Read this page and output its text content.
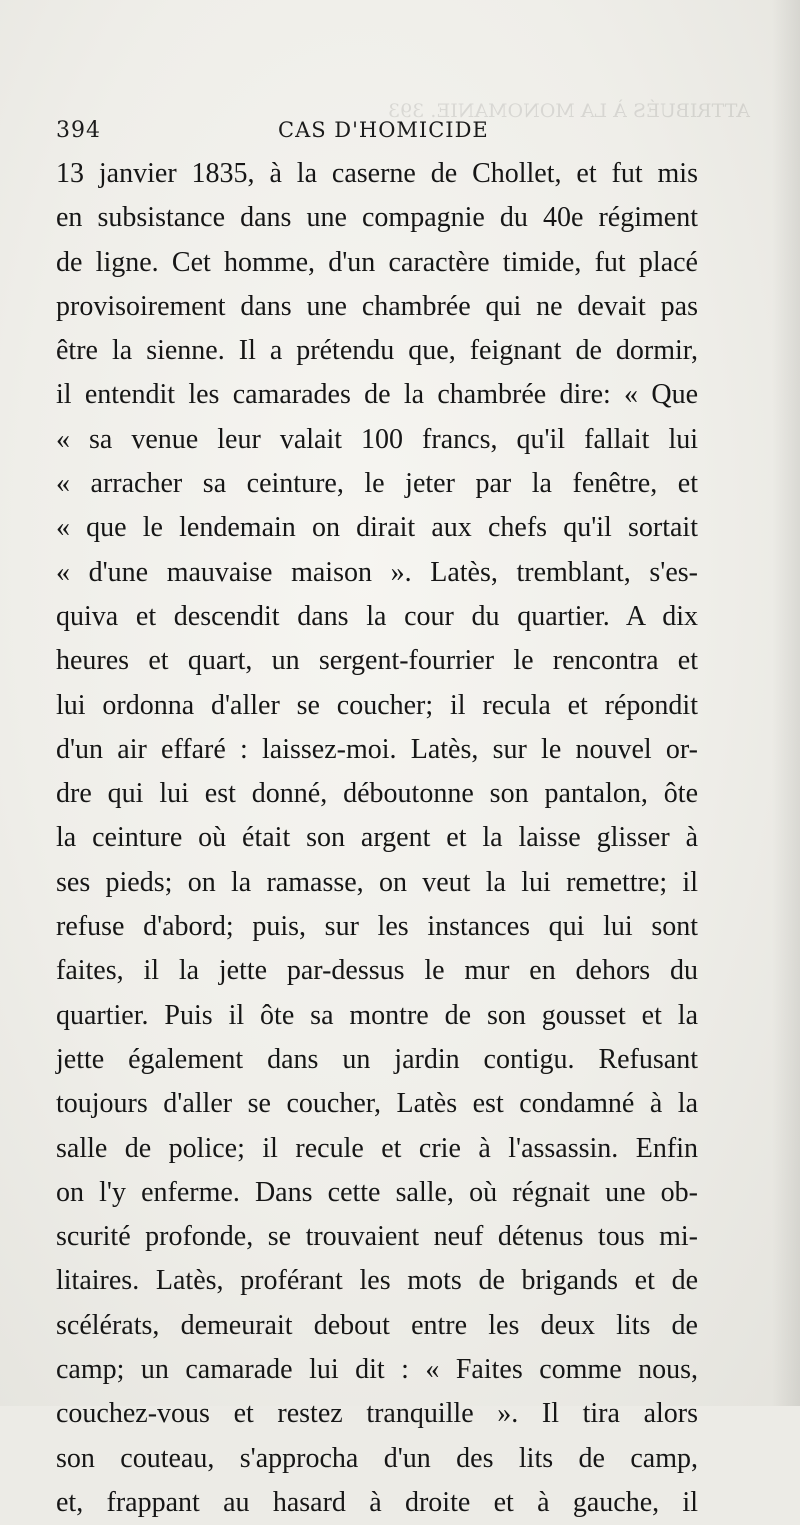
ATTRIBUÉS À LA MONOMANIE. 393
394	CAS D'HOMICIDE
13 janvier 1835, à la caserne de Chollet, et fut mis
en subsistance dans une compagnie du 40e régiment
de ligne. Cet homme, d'un caractère timide, fut placé
provisoirement dans une chambrée qui ne devait pas
être la sienne. Il a prétendu que, feignant de dormir,
il entendit les camarades de la chambrée dire: « Que
« sa venue leur valait 100 francs, qu'il fallait lui
« arracher sa ceinture, le jeter par la fenêtre, et
« que le lendemain on dirait aux chefs qu'il sortait
« d'une mauvaise maison ». Latès, tremblant, s'es-
quiva et descendit dans la cour du quartier. A dix
heures et quart, un sergent-fourrier le rencontra et
lui ordonna d'aller se coucher; il recula et répondit
d'un air effaré : laissez-moi. Latès, sur le nouvel or-
dre qui lui est donné, déboutonne son pantalon, ôte
la ceinture où était son argent et la laisse glisser à
ses pieds; on la ramasse, on veut la lui remettre; il
refuse d'abord; puis, sur les instances qui lui sont
faites, il la jette par-dessus le mur en dehors du
quartier. Puis il ôte sa montre de son gousset et la
jette également dans un jardin contigu. Refusant
toujours d'aller se coucher, Latès est condamné à la
salle de police; il recule et crie à l'assassin. Enfin
on l'y enferme. Dans cette salle, où régnait une ob-
scurité profonde, se trouvaient neuf détenus tous mi-
litaires. Latès, proférant les mots de brigands et de
scélérats, demeurait debout entre les deux lits de
camp; un camarade lui dit : « Faites comme nous,
couchez-vous et restez tranquille ». Il tira alors
son couteau, s'approcha d'un des lits de camp,
et, frappant au hasard à droite et à gauche, il
